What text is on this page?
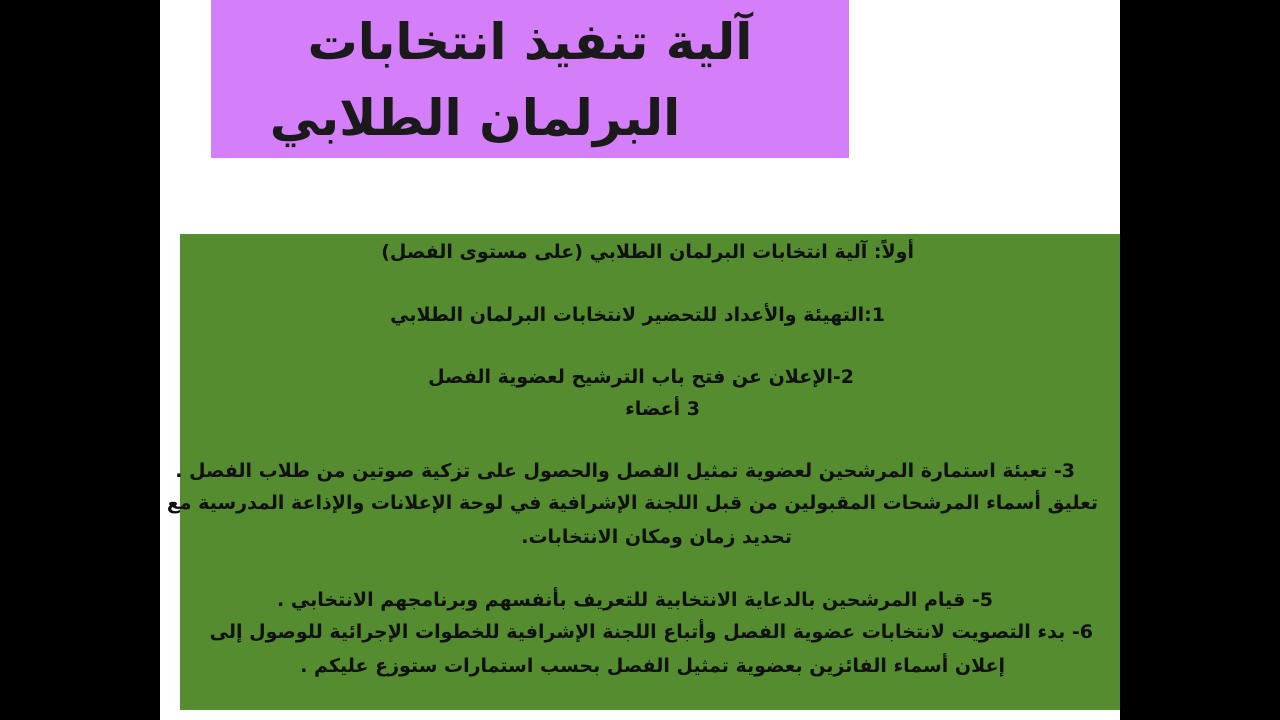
آلية تنفيذ انتخابات
البرلمان الطلابي
أولاً: آلية انتخابات البرلمان الطلابي (على مستوى الفصل)
1:التهيئة والأعداد للتحضير لانتخابات البرلمان الطلابي
2-الإعلان عن فتح باب الترشيح لعضوية الفصل
3 أعضاء
3- تعبئة استمارة المرشحين لعضوية تمثيل الفصل والحصول على تزكية صوتين من طلاب الفصل .
تعليق أسماء المرشحات المقبولين من قبل اللجنة الإشرافية في لوحة الإعلانات والإذاعة المدرسية مع
تحديد زمان ومكان الانتخابات.
5- قيام المرشحين بالدعاية الانتخابية للتعريف بأنفسهم وبرنامجهم الانتخابي .
6- بدء التصويت لانتخابات عضوية الفصل وأتباع اللجنة الإشرافية للخطوات الإجرائية للوصول إلى
إعلان أسماء الفائزين بعضوية تمثيل الفصل بحسب استمارات ستوزع عليكم .
